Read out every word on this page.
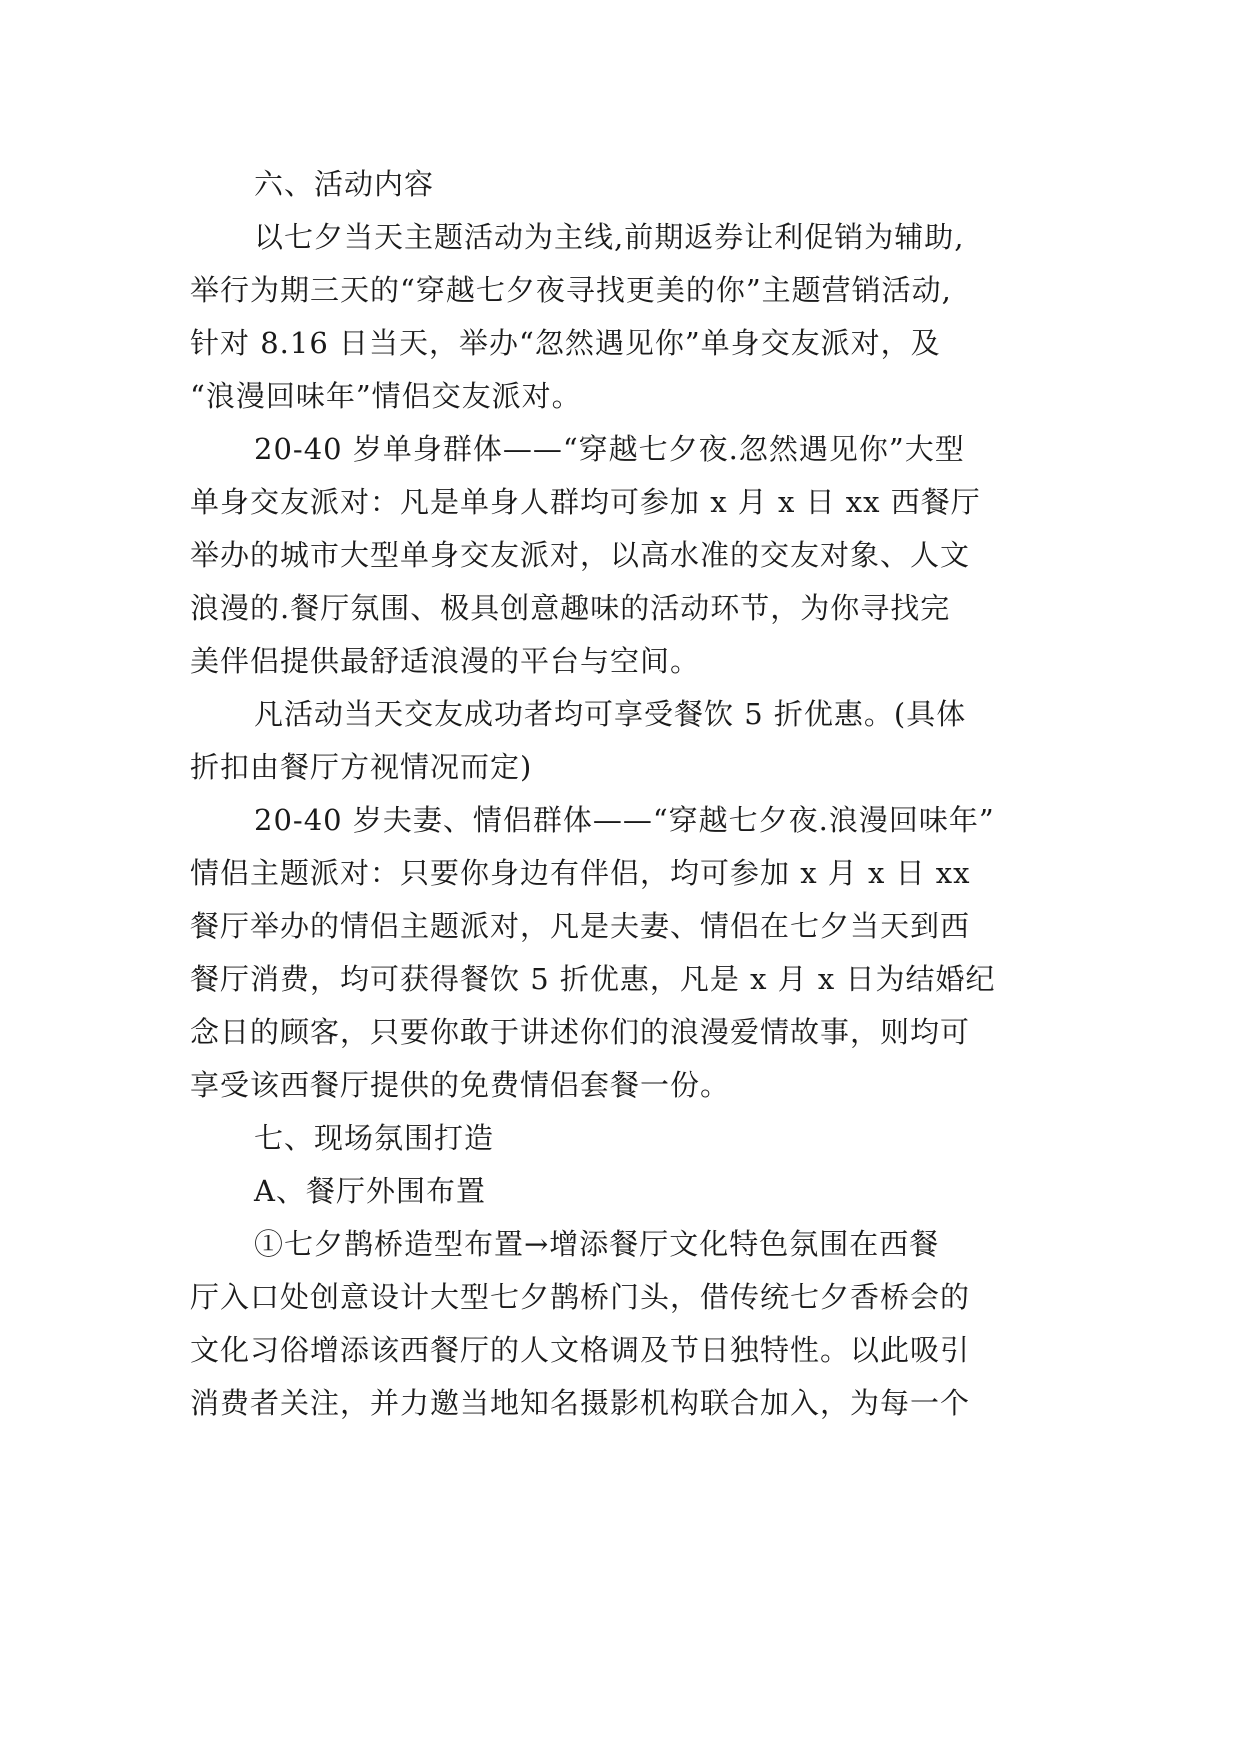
六、活动内容
以七夕当天主题活动为主线,前期返券让利促销为辅助,
举行为期三天的“穿越七夕夜寻找更美的你”主题营销活动,
针对 8.16 日当天，举办“忽然遇见你”单身交友派对，及
“浪漫回味年”情侣交友派对。
20-40 岁单身群体——“穿越七夕夜.忽然遇见你”大型
单身交友派对：凡是单身人群均可参加 x 月 x 日 xx 西餐厅
举办的城市大型单身交友派对，以高水准的交友对象、人文
浪漫的.餐厅氛围、极具创意趣味的活动环节，为你寻找完
美伴侣提供最舒适浪漫的平台与空间。
凡活动当天交友成功者均可享受餐饮 5 折优惠。(具体
折扣由餐厅方视情况而定)
20-40 岁夫妻、情侣群体——“穿越七夕夜.浪漫回味年”
情侣主题派对：只要你身边有伴侣，均可参加 x 月 x 日 xx
餐厅举办的情侣主题派对，凡是夫妻、情侣在七夕当天到西
餐厅消费，均可获得餐饮 5 折优惠，凡是 x 月 x 日为结婚纪
念日的顾客，只要你敢于讲述你们的浪漫爱情故事，则均可
享受该西餐厅提供的免费情侣套餐一份。
七、现场氛围打造
A、餐厅外围布置
①七夕鹊桥造型布置→增添餐厅文化特色氛围在西餐
厅入口处创意设计大型七夕鹊桥门头，借传统七夕香桥会的
文化习俗增添该西餐厅的人文格调及节日独特性。以此吸引
消费者关注，并力邀当地知名摄影机构联合加入，为每一个
